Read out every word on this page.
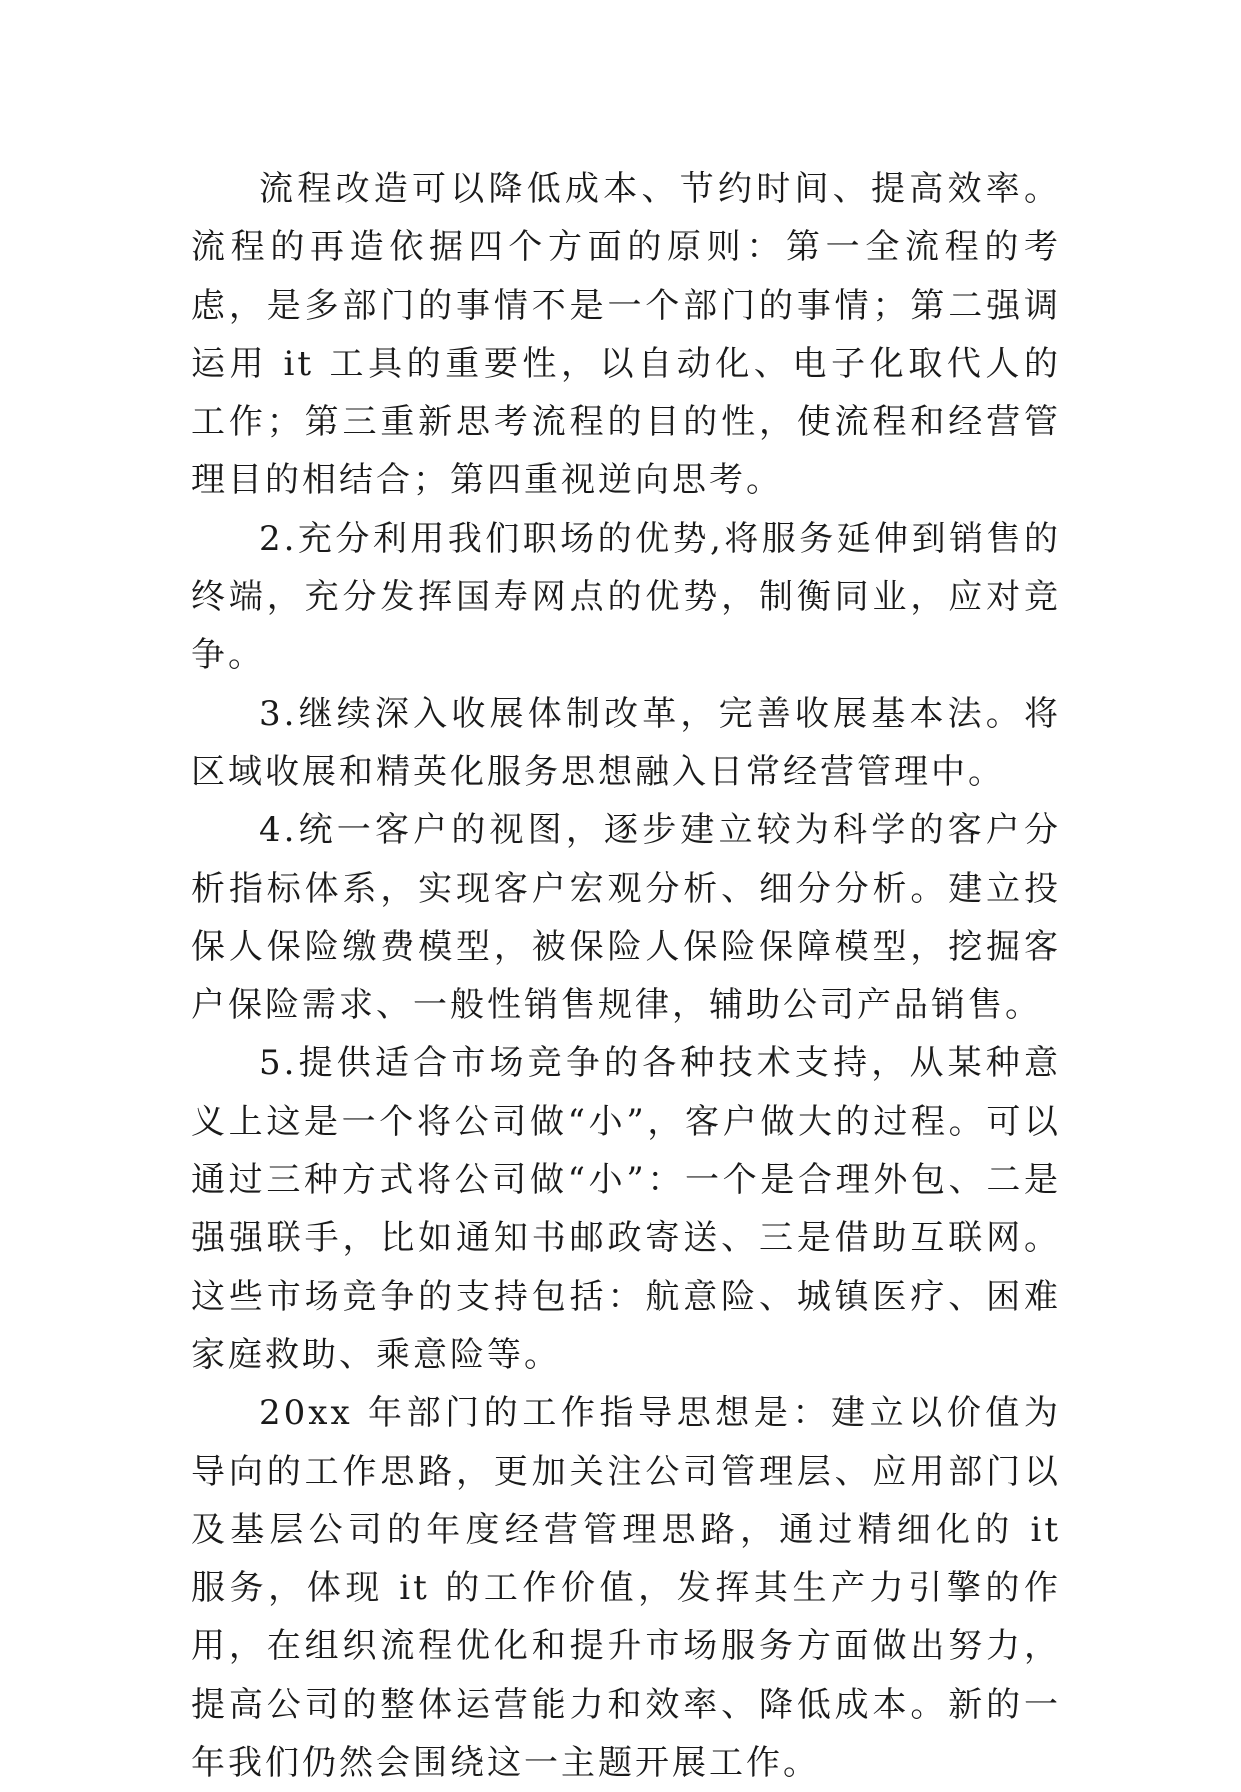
流程改造可以降低成本、节约时间、提高效率。流程的再造依据四个方面的原则：第一全流程的考虑，是多部门的事情不是一个部门的事情；第二强调运用 it 工具的重要性，以自动化、电子化取代人的工作；第三重新思考流程的目的性，使流程和经营管理目的相结合；第四重视逆向思考。

2.充分利用我们职场的优势,将服务延伸到销售的终端，充分发挥国寿网点的优势，制衡同业，应对竞争。

3.继续深入收展体制改革，完善收展基本法。将区域收展和精英化服务思想融入日常经营管理中。

4.统一客户的视图，逐步建立较为科学的客户分析指标体系，实现客户宏观分析、细分分析。建立投保人保险缴费模型，被保险人保险保障模型，挖掘客户保险需求、一般性销售规律，辅助公司产品销售。

5.提供适合市场竞争的各种技术支持，从某种意义上这是一个将公司做“小”，客户做大的过程。可以通过三种方式将公司做“小”：一个是合理外包、二是强强联手，比如通知书邮政寄送、三是借助互联网。这些市场竞争的支持包括：航意险、城镇医疗、困难家庭救助、乘意险等。

20xx 年部门的工作指导思想是：建立以价值为导向的工作思路，更加关注公司管理层、应用部门以及基层公司的年度经营管理思路，通过精细化的 it 服务，体现 it 的工作价值，发挥其生产力引擎的作用，在组织流程优化和提升市场服务方面做出努力，提高公司的整体运营能力和效率、降低成本。新的一年我们仍然会围绕这一主题开展工作。
